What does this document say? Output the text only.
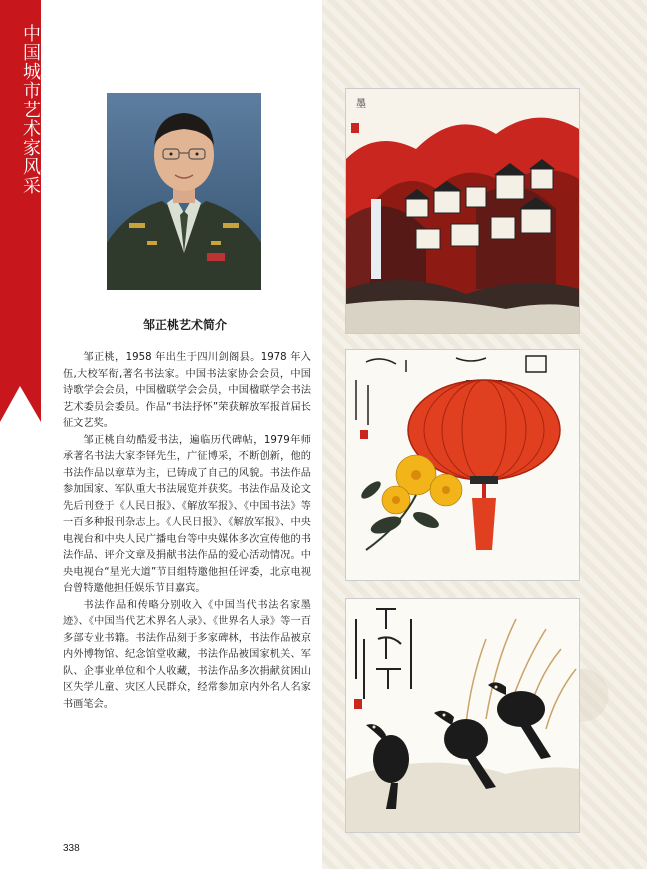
中国城市艺术家风采
邹正桃艺术简介

邹正桃，1958 年出生于四川剑阁县。1978 年入伍,大校军衔,著名书法家。中国书法家协会会员，中国诗歌学会会员，中国楹联学会会员，中国楹联学会书法艺术委员会委员。作品“书法抒怀”荣获解放军报首届长征文艺奖。

邹正桃自幼酷爱书法，遍临历代碑帖，1979年师承著名书法大家李铎先生，广征博采，不断创新，他的书法作品以章草为主，已铸成了自己的风貌。书法作品参加国家、军队重大书法展览并获奖。书法作品及论文先后刊登于《人民日报》、《解放军报》、《中国书法》等一百多种报刊杂志上。《人民日报》、《解放军报》、中央电视台和中央人民广播电台等中央媒体多次宣传他的书法作品、评介文章及捐献书法作品的爱心活动情况。中央电视台“星光大道”节目组特邀他担任评委，北京电视台曾特邀他担任娱乐节目嘉宾。

书法作品和传略分别收入《中国当代书法名家墨迹》、《中国当代艺术界名人录》、《世界名人录》等一百多部专业书籍。书法作品刻于多家碑林，书法作品被京内外博物馆、纪念馆堂收藏，书法作品被国家机关、军队、企事业单位和个人收藏，书法作品多次捐献贫困山区失学儿童、灾区人民群众，经常参加京内外名人名家书画笔会。

338
墨
